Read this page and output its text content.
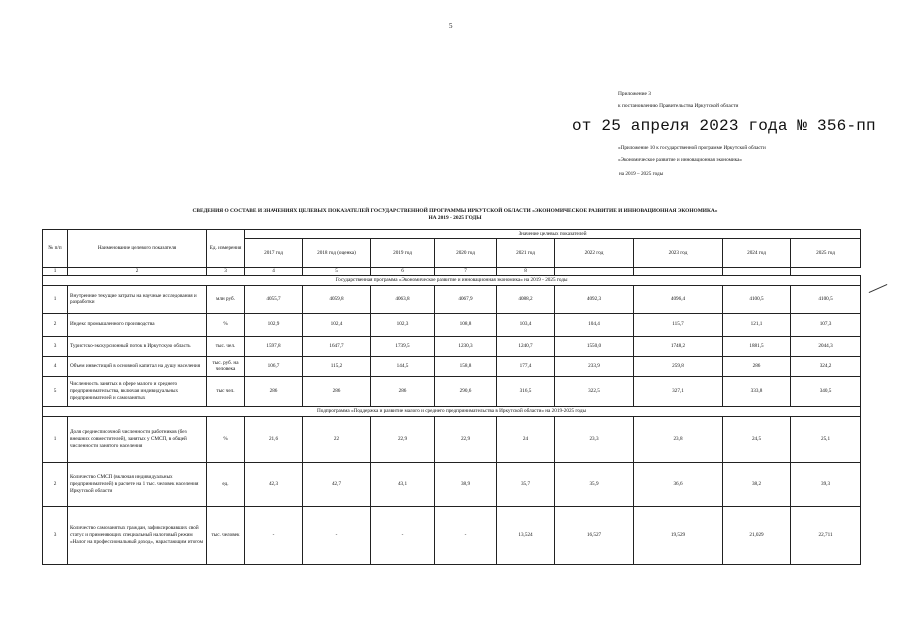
5
Приложение 3
к постановлению Правительства Иркутской области
от 25 апреля 2023 года № 356-пп
«Приложение 10 к государственной программе Иркутской области
«Экономическое развитие и инновационная экономика»
на 2019 – 2025 годы
СВЕДЕНИЯ О СОСТАВЕ И ЗНАЧЕНИЯХ ЦЕЛЕВЫХ ПОКАЗАТЕЛЕЙ ГОСУДАРСТВЕННОЙ ПРОГРАММЫ ИРКУТСКОЙ ОБЛАСТИ «ЭКОНОМИЧЕСКОЕ РАЗВИТИЕ И ИННОВАЦИОННАЯ ЭКОНОМИКА»
НА 2019 - 2025 ГОДЫ
№ п/п	Наименование целевого показателя	Ед. измерения	Значение целевых показателей								
			2017 год	2018 год (оценка)	2019 год	2020 год	2021 год	2022 год	2023 год	2024 год	2025 год
1	2	3	4	5	6	7	8				
Государственная программа «Экономическое развитие и инновационная экономика» на 2019 - 2025 годы											
1	Внутренние текущие затраты на научные исследования и разработки	млн руб.	4055,7	4059,8	4063,8	4067,9	4088,2	4092,3	4096,4	4100,5	4100,5
2	Индекс промышленного производства	%	102,9	102,4	102,3	108,8	103,4	104,4	115,7	121,1	107,3
3	Туристско-экскурсионный поток в Иркутскую область	тыс. чел.	1597,8	1647,7	1739,5	1230,3	1240,7	1550,0	1748,2	1881,5	2044,3
4	Объем инвестиций в основной капитал на душу населения	тыс. руб. на человека	106,7	115,2	144,5	158,8	177,4	233,9	259,8	286	324,2
5	Численность занятых в сфере малого и среднего предпринимательства, включая индивидуальных предпринимателей и самозанятых	тыс чел.	286	286	286	290,6	316,5	322,5	327,1	333,8	340,5
Подпрограмма «Поддержка и развитие малого и среднего предпринимательства в Иркутской области» на 2019-2025 годы											
1	Доля среднесписочной численности работников (без внешних совместителей), занятых у СМСП, в общей численности занятого населения	%	21,6	22	22,9	22,9	24	23,3	23,8	24,5	25,1
2	Количество СМСП (включая индивидуальных предпринимателей) в расчете на 1 тыс. человек населения Иркутской области	ед.	42,3	42,7	43,1	38,9	35,7	35,9	36,6	38,2	39,3
3	Количество самозанятых граждан, зафиксировавших свой статус и применяющих специальный налоговый режим «Налог на профессиональный доход», нарастающим итогом	тыс. человек	-	-	-	-	13,524	16,527	19,529	21,029	22,711
